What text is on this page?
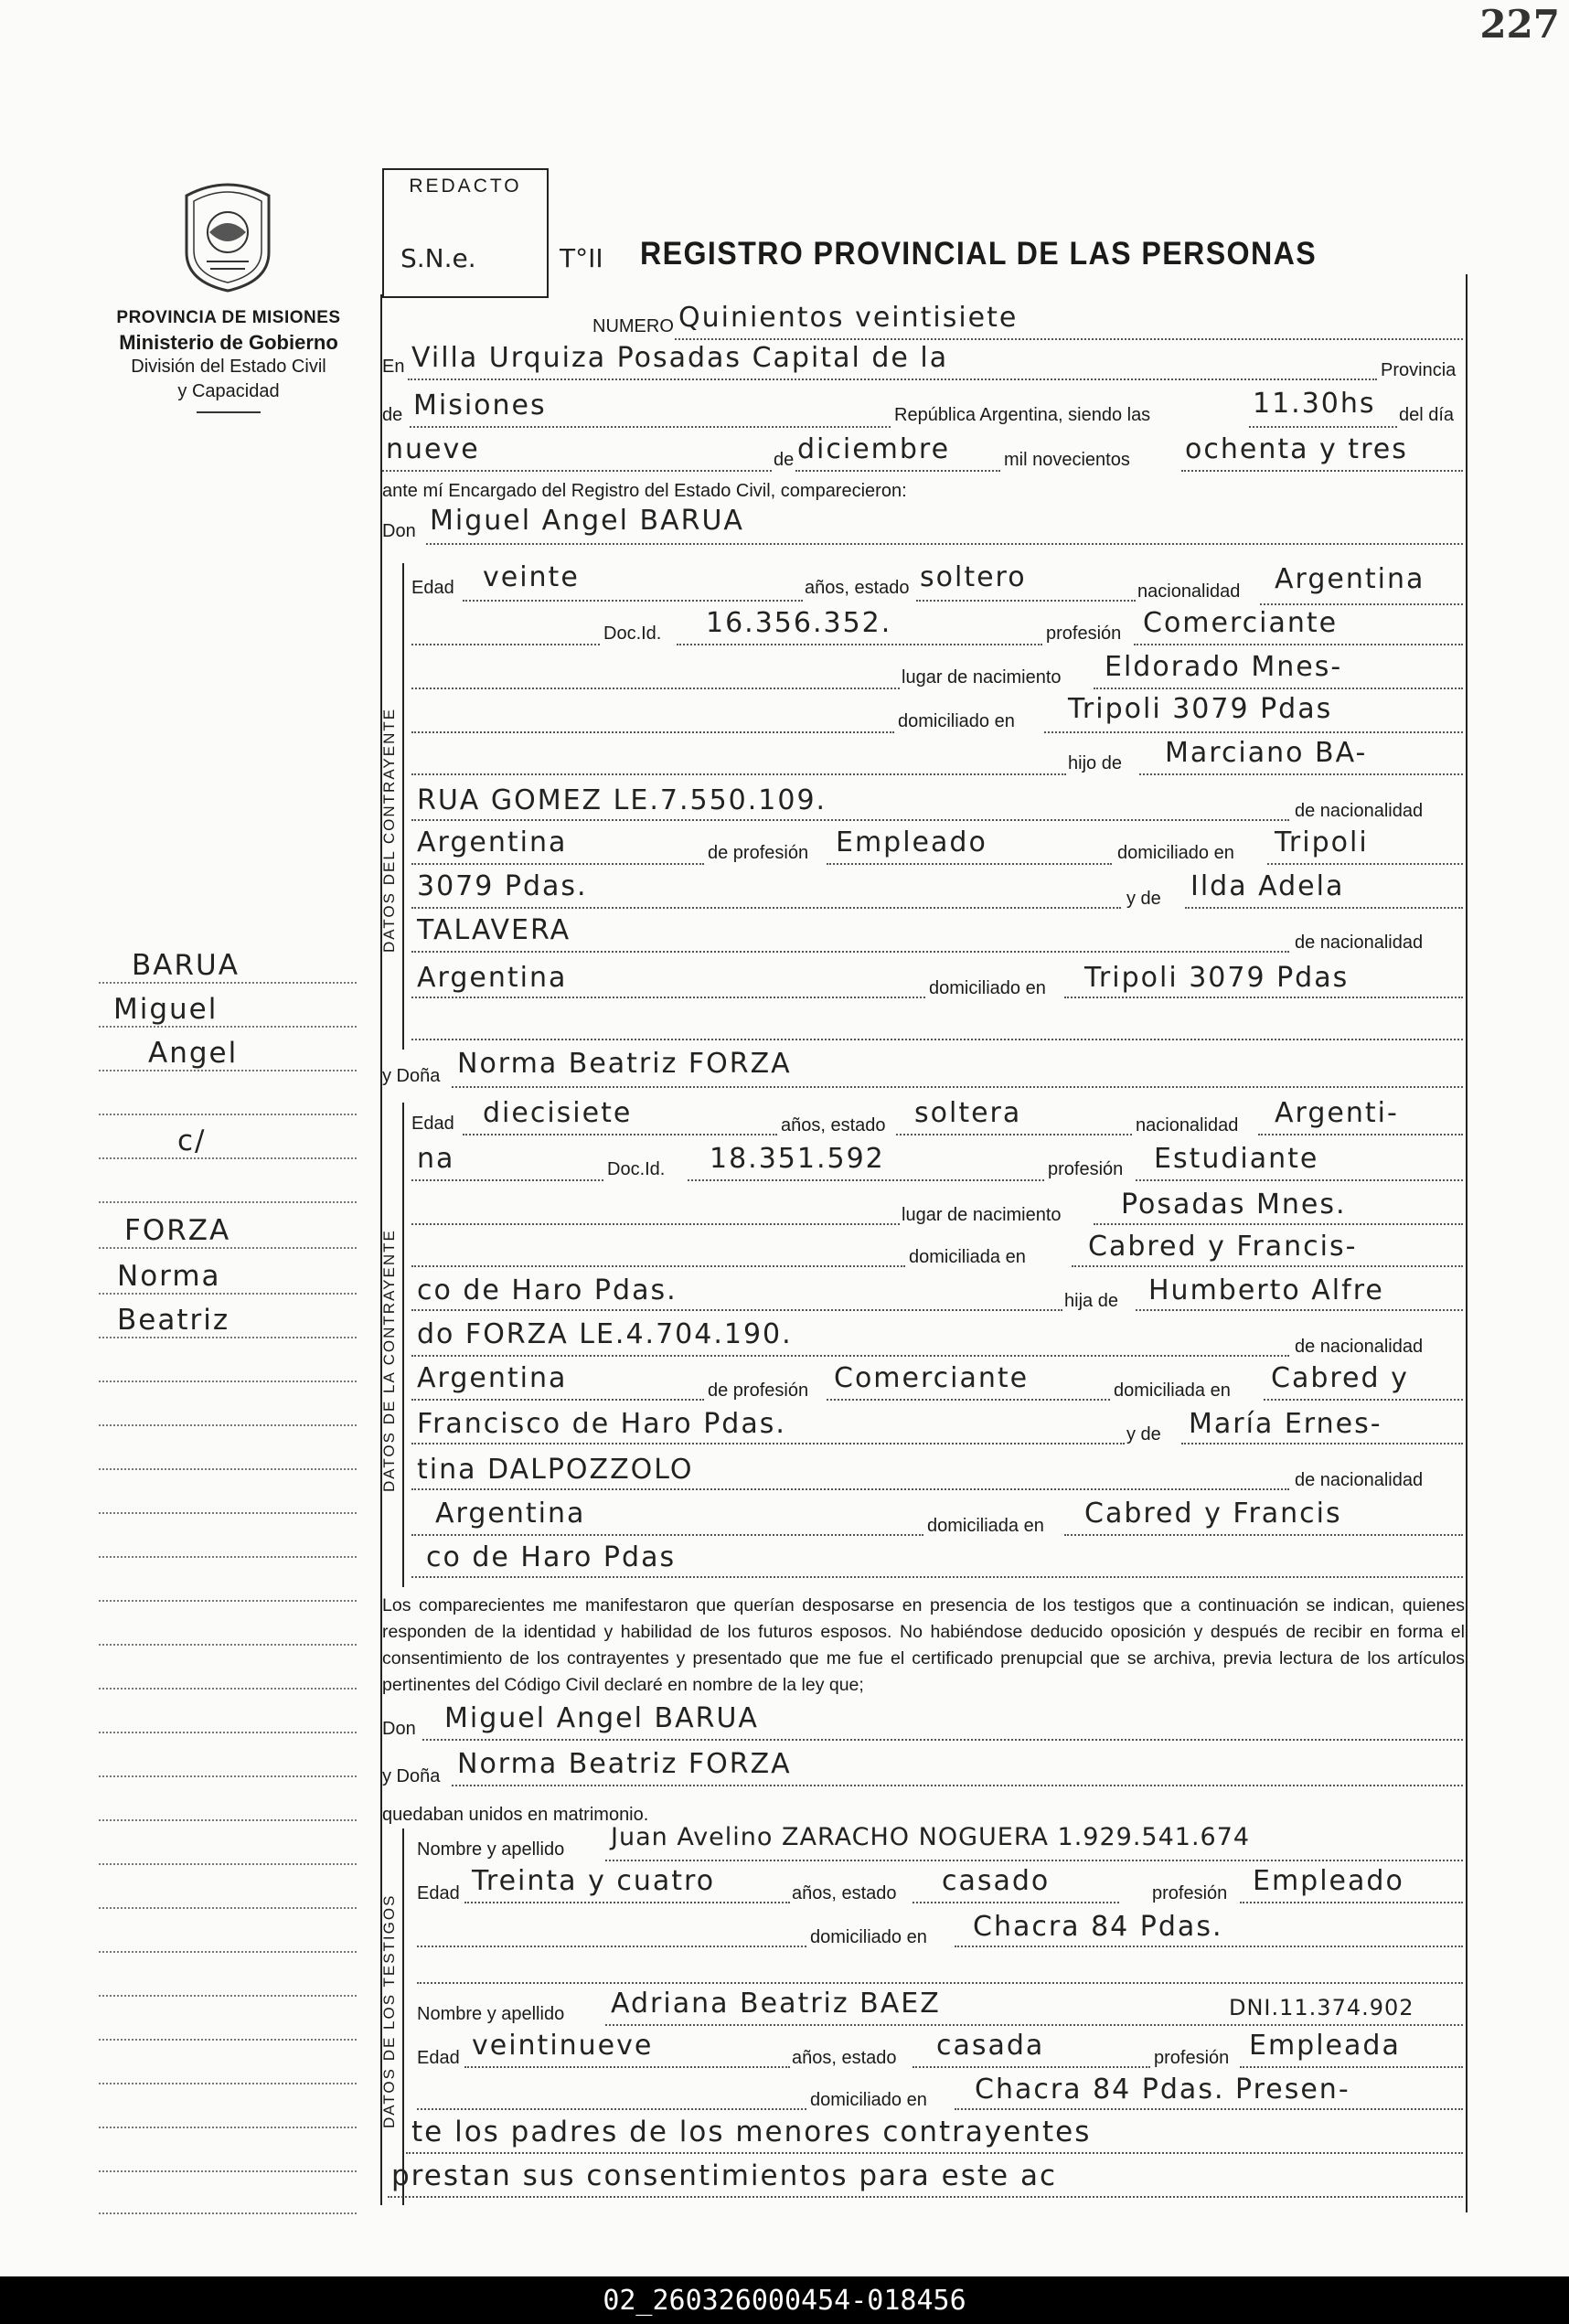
227
PROVINCIA DE MISIONES
Ministerio de Gobierno
División del Estado Civil
y Capacidad
REDACTO
S.N.e.	T°II REGISTRO PROVINCIAL DE LAS PERSONAS
NUMERO Quinientos veintisiete
En Villa Urquiza Posadas Capital de la	Provincia
de Misiones	República Argentina, siendo las	11.30hs del día
nueve	de diciembre	mil novecientos ochenta y tres
ante mí Encargado del Registro del Estado Civil, comparecieron:
Don Miguel Angel BARUA
DATOS DEL CONTRAYENTE
Edad veinte	años, estado soltero	nacionalidad Argentina
Doc.Id. 16.356.352.	profesión Comerciante
lugar de nacimiento Eldorado Mnes-
domiciliado en Tripoli 3079 Pdas
hijo de Marciano BA-
RUA GOMEZ LE.7.550.109.	de nacionalidad
Argentina	de profesión Empleado	domiciliado en Tripoli
3079 Pdas.	y de Ilda Adela
TALAVERA	de nacionalidad
Argentina	domiciliado en Tripoli 3079 Pdas
y Doña Norma Beatriz FORZA
DATOS DE LA CONTRAYENTE
Edad diecisiete	años, estado soltera	nacionalidad Argenti-
na	Doc.Id. 18.351.592	profesión Estudiante
lugar de nacimiento Posadas Mnes.
domiciliada en Cabred y Francis-
co de Haro Pdas.	hija de Humberto Alfre
do FORZA LE.4.704.190.	de nacionalidad
Argentina	de profesión Comerciante	domiciliada en Cabred y
Francisco de Haro Pdas.	y de María Ernes-
tina DALPOZZOLO	de nacionalidad
Argentina	domiciliada en Cabred y Francis
co de Haro Pdas
Los comparecientes me manifestaron que querían desposarse en presencia de los testigos que a continuación se indican, quienes responden de la identidad y habilidad de los futuros esposos. No habiéndose deducido oposición y después de recibir en forma el consentimiento de los contrayentes y presentado que me fue el certificado prenupcial que se archiva, previa lectura de los artículos pertinentes del Código Civil declaré en nombre de la ley que;
Don Miguel Angel BARUA
y Doña Norma Beatriz FORZA
quedaban unidos en matrimonio.
DATOS DE LOS TESTIGOS
Nombre y apellido Juan Avelino ZARACHO NOGUERA 1.929.541.674
Edad Treinta y cuatro	años, estado casado	profesión Empleado
domiciliado en Chacra 84 Pdas.
Nombre y apellido Adriana Beatriz BAEZ	DNI.11.374.902
Edad veintinueve	años, estado casada	profesión Empleada
domiciliado en Chacra 84 Pdas. Presen-
te los padres de los menores contrayentes
prestan sus consentimientos para este ac
BARUA
Miguel
Angel
c/
FORZA
Norma
Beatriz
02_260326000454-018456
